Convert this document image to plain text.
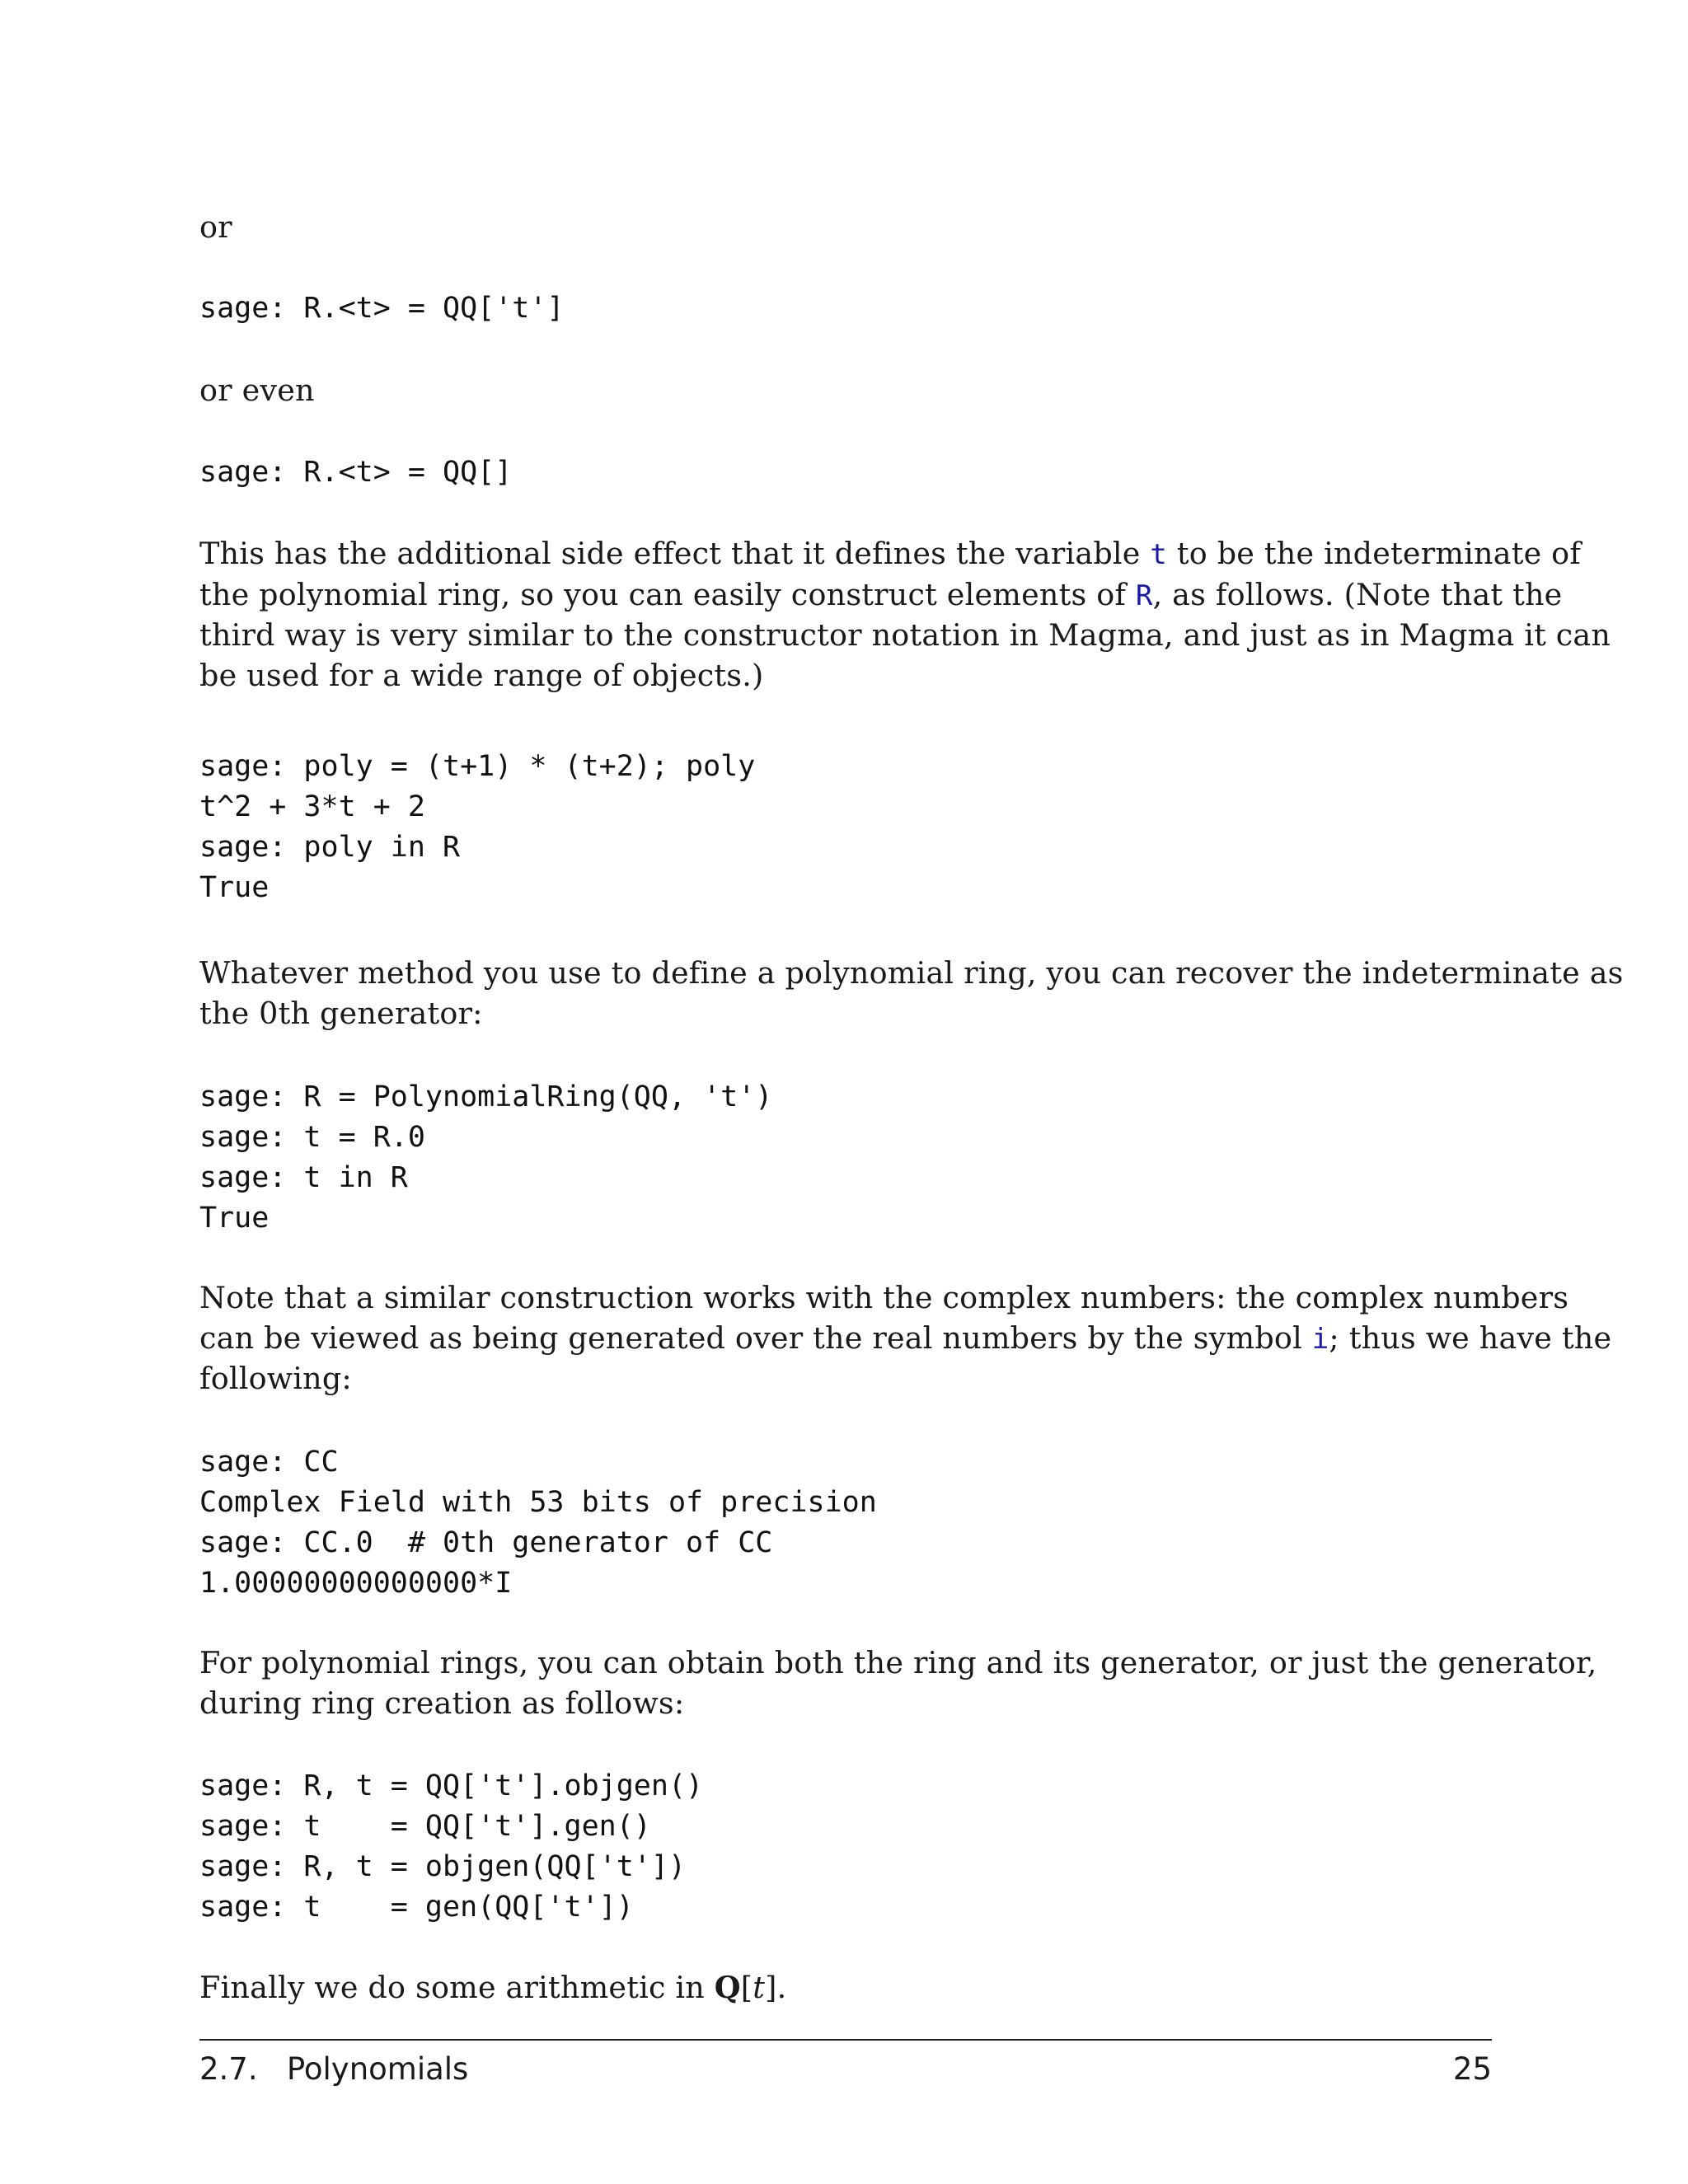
or
sage: R.<t> = QQ['t']
or even
sage: R.<t> = QQ[]
This has the additional side effect that it defines the variable t to be the indeterminate of
the polynomial ring, so you can easily construct elements of R, as follows. (Note that the
third way is very similar to the constructor notation in Magma, and just as in Magma it can
be used for a wide range of objects.)
sage: poly = (t+1) * (t+2); poly
t^2 + 3*t + 2
sage: poly in R
True
Whatever method you use to define a polynomial ring, you can recover the indeterminate as
the 0th generator:
sage: R = PolynomialRing(QQ, 't')
sage: t = R.0
sage: t in R
True
Note that a similar construction works with the complex numbers: the complex numbers
can be viewed as being generated over the real numbers by the symbol i; thus we have the
following:
sage: CC
Complex Field with 53 bits of precision
sage: CC.0  # 0th generator of CC
1.00000000000000*I
For polynomial rings, you can obtain both the ring and its generator, or just the generator,
during ring creation as follows:
sage: R, t = QQ['t'].objgen()
sage: t    = QQ['t'].gen()
sage: R, t = objgen(QQ['t'])
sage: t    = gen(QQ['t'])
Finally we do some arithmetic in Q[t].
2.7.   Polynomials	25
